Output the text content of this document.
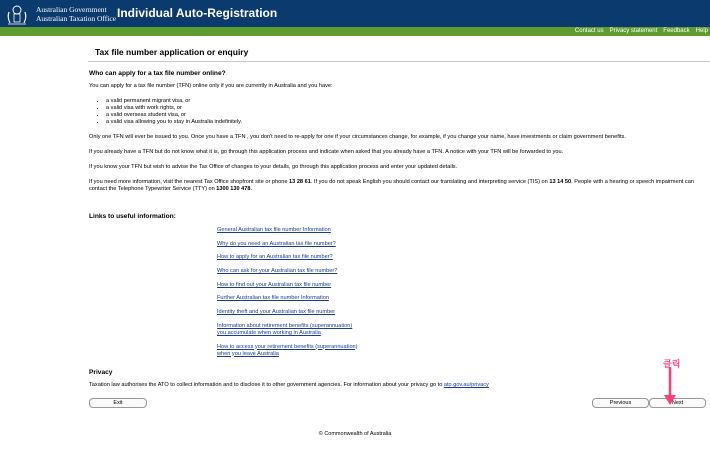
Australian Government
Australian Taxation Office Individual Auto-Registration
Contact us Privacy statement Feedback Help
Tax file number application or enquiry
Who can apply for a tax file number online?

You can apply for a tax file number (TFN) online only if you are currently in Australia and you have:

• a valid permanent migrant visa, or
• a valid visa with work rights, or
• a valid overseas student visa, or
• a valid visa allowing you to stay in Australia indefinitely.

Only one TFN will ever be issued to you. Once you have a TFN , you don't need to re-apply for one if your circumstances change, for example, if you change your name, have investments or claim government benefits.

If you already have a TFN but do not know what it is, go through this application process and indicate when asked that you already have a TFN. A notice with your TFN will be forwarded to you.

If you know your TFN but wish to advise the Tax Office of changes to your details, go through this application process and enter your updated details.

If you need more information, visit the nearest Tax Office shopfront site or phone 13 28 61. If you do not speak English you should contact our translating and interpreting service (TIS) on 13 14 50. People with a hearing or speech impairment can contact the Telephone Typewriter Service (TTY) on 1300 130 478.

Links to useful information:
General Australian tax file number Information
Why do you need an Australian tax file number?
How to apply for an Australian tax file number?
Who can ask for your Australian tax file number?
How to find out your Australian tax file number
Further Australian tax file number Information
Identity theft and your Australian tax file number
Information about retirement benefits (superannuation)
you accumulate when working in Australia
How to access your retirement benefits (superannuation)
when you leave Australia
Privacy
Taxation law authorises the ATO to collect information and to disclose it to other government agencies. For information about your privacy go to ato.gov.au/privacy
Exit	Previous	Next
클릭
© Commonwealth of Australia
